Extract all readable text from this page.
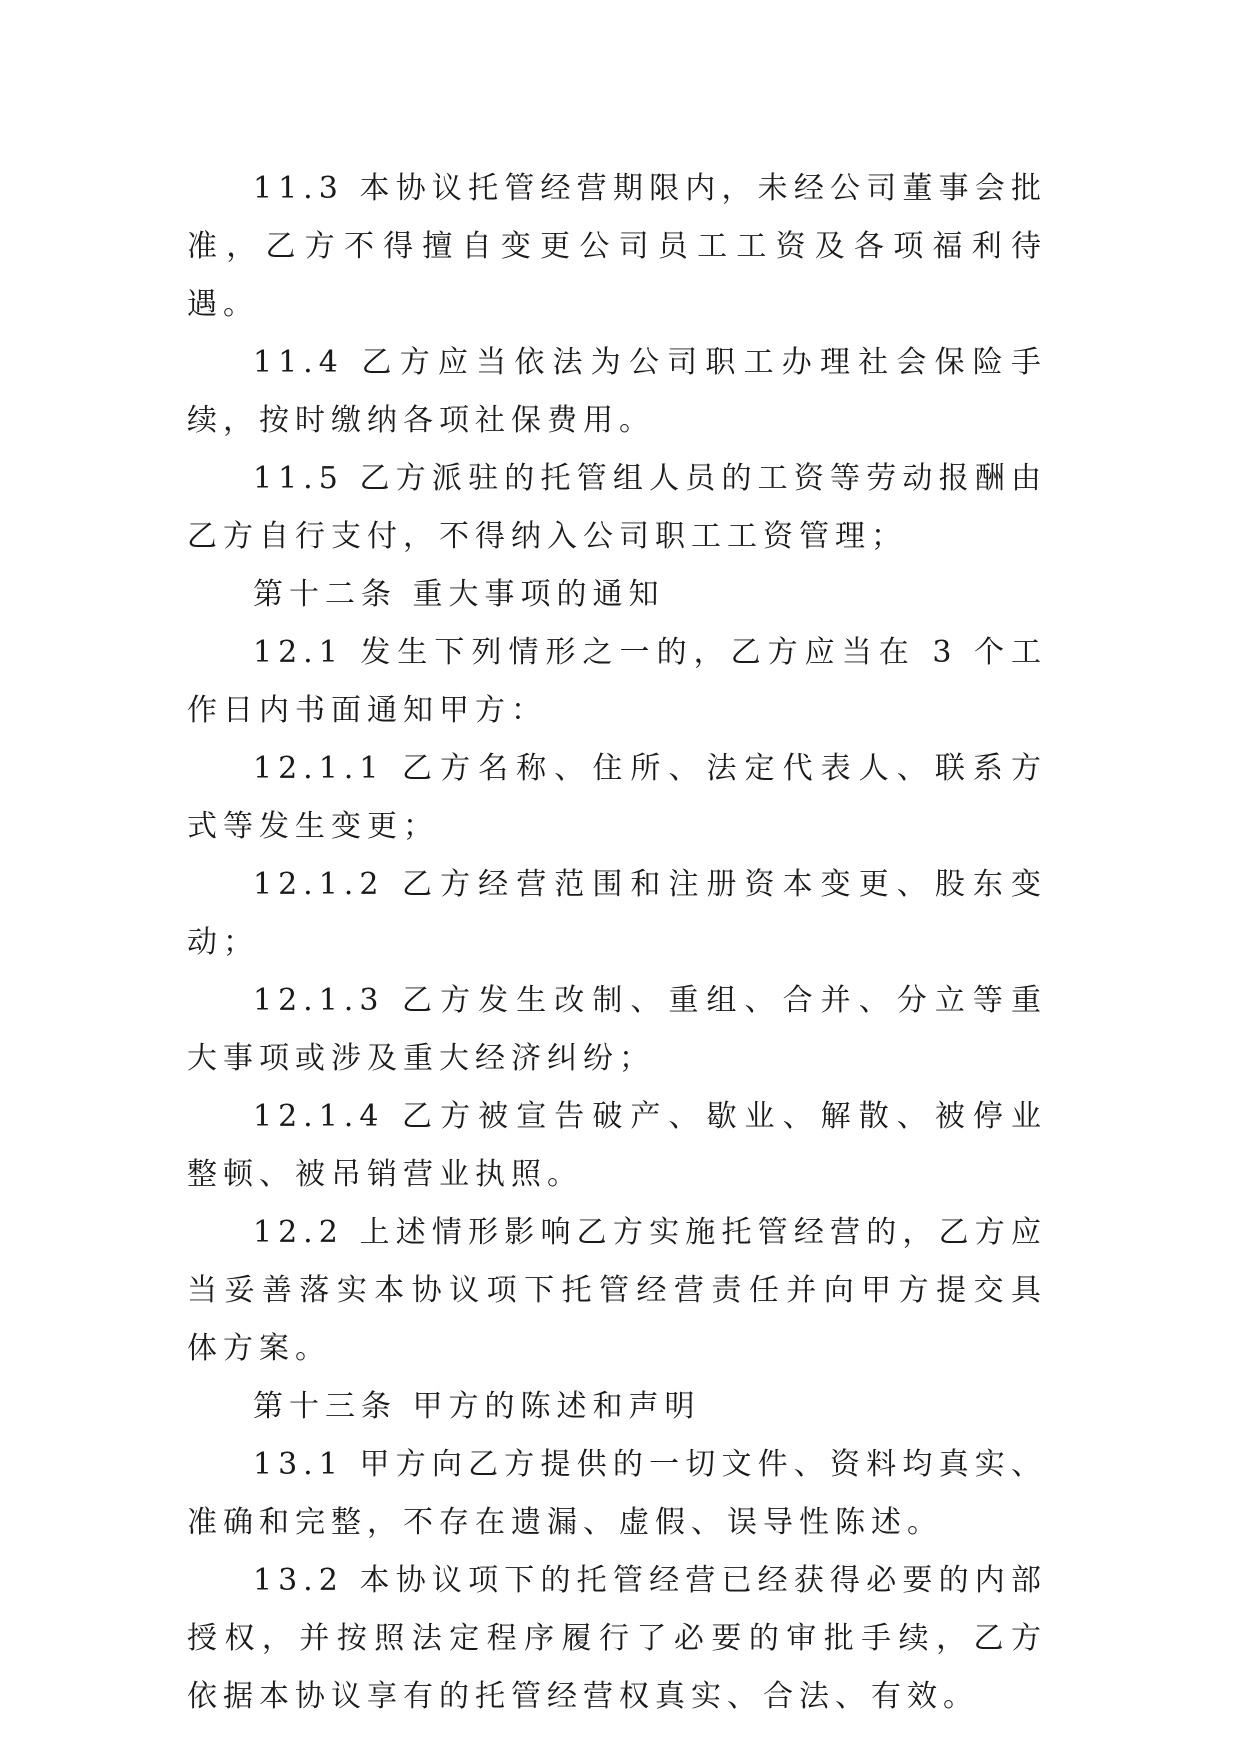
11.3 本协议托管经营期限内，未经公司董事会批准，乙方不得擅自变更公司员工工资及各项福利待遇。

11.4 乙方应当依法为公司职工办理社会保险手续，按时缴纳各项社保费用。

11.5 乙方派驻的托管组人员的工资等劳动报酬由乙方自行支付，不得纳入公司职工工资管理；

第十二条 重大事项的通知

12.1 发生下列情形之一的，乙方应当在 3 个工作日内书面通知甲方：

12.1.1 乙方名称、住所、法定代表人、联系方式等发生变更；

12.1.2 乙方经营范围和注册资本变更、股东变动；

12.1.3 乙方发生改制、重组、合并、分立等重大事项或涉及重大经济纠纷；

12.1.4 乙方被宣告破产、歇业、解散、被停业整顿、被吊销营业执照。

12.2 上述情形影响乙方实施托管经营的，乙方应当妥善落实本协议项下托管经营责任并向甲方提交具体方案。

第十三条 甲方的陈述和声明

13.1 甲方向乙方提供的一切文件、资料均真实、准确和完整，不存在遗漏、虚假、误导性陈述。

13.2 本协议项下的托管经营已经获得必要的内部授权，并按照法定程序履行了必要的审批手续，乙方依据本协议享有的托管经营权真实、合法、有效。
